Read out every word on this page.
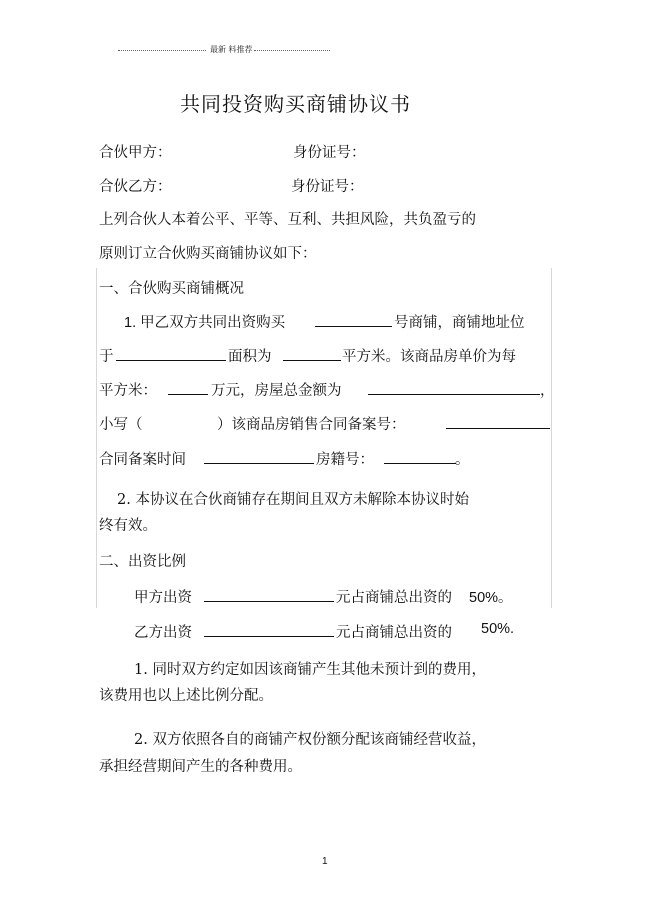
最新 料推荐
共同投资购买商铺协议书
合伙甲方：	身份证号：
合伙乙方：	身份证号：
上列合伙人本着公平、平等、互利、共担风险，共负盈亏的
原则订立合伙购买商铺协议如下：
一、合伙购买商铺概况
1. 甲乙双方共同出资购买	号商铺，商铺地址位
于	面积为	平方米。该商品房单价为每
平方米：	万元，房屋总金额为	，
小写（	）该商品房销售合同备案号：
合同备案时间	房籍号：	。
2. 本协议在合伙商铺存在期间且双方未解除本协议时始
终有效。
二、出资比例
甲方出资	元占商铺总出资的 50%。
乙方出资	元占商铺总出资的 50%.
1. 同时双方约定如因该商铺产生其他未预计到的费用，
该费用也以上述比例分配。
2. 双方依照各自的商铺产权份额分配该商铺经营收益，
承担经营期间产生的各种费用。
1
